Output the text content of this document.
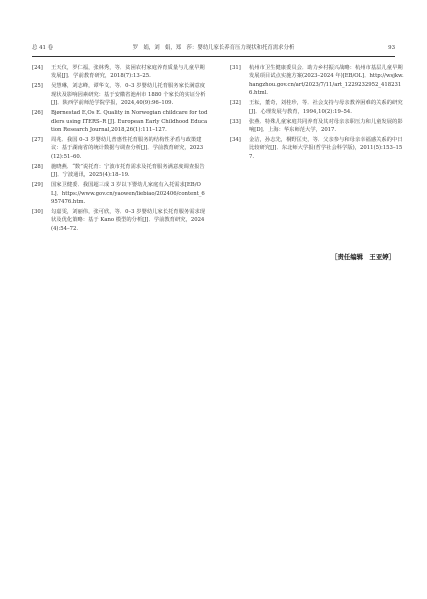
总 41 卷	罗　娟，刘　娟，郑　莎：婴幼儿家长养育压力现状和托育需求分析	93
[24] 王天仪，罗仁福，张林秀，等．贫困农村家庭养育质量与儿童早期发展[J]．学前教育研究，2018(7):13–25.
[25] 吴慧琳，刘志峰，谭华文，等．0–3 岁婴幼儿托育服务家长满意度现状及影响因素研究：基于安徽省池州市 1880 个家长的实证分析[J]．陕西学前师范学院学报，2024,40(9):96–109.
[26] Bjørnestad E,Os E. Quality in Norwegian childcare for toddlers using ITERS–R [J]. European Early Childhood Education Research Journal,2018,26(1):111–127.
[27] 周兆．我国 0–3 岁婴幼儿普惠性托育服务的结构性矛盾与政策建议：基于湖南省的统计数据与调查分析[J]．学前教育研究，2023(12):51–60.
[28] 施晓燕．“数”说托育：宁波市托育需求及托育服务满意度调查报告[J]．宁波通讯，2025(4):18–19.
[29] 国家卫健委．我国超三成 3 岁以下婴幼儿家庭有入托需求[EB/OL]．https://www.gov.cn/yaowen/liebiao/202406/content_6957476.htm.
[30] 勾嘉雯，刘丽伟，张可欣，等．0–3 岁婴幼儿家长托育服务需求现状及优化策略：基于 Kano 模型的分析[J]．学前教育研究，2024(4):54–72.
[31] 杭州市卫生健康委员会．助力乡村振兴战略：杭州市基层儿童早期发展项目试点实施方案(2023–2024 年)[EB/OL]．http://wsjkw.hangzhou.gov.cn/art/2023/7/11/art_1229232952_4182316.html.
[32] 王耘，董奇，刘桂珍，等．社会支持与母亲教养困难的关系的研究[J]．心理发展与教育，1994,10(2):19–54.
[33] 张燕．特殊儿童家庭共同养育及其对母亲亲职压力和儿童发展的影响[D]．上海：华东师范大学，2017.
[34] 金洁，孙志先，桐野匡史，等．父亲参与和母亲幸福感关系的中日比较研究[J]．东北师大学报(哲学社会科学版)，2011(5):153–157.
［责任编辑　王亚婷］
